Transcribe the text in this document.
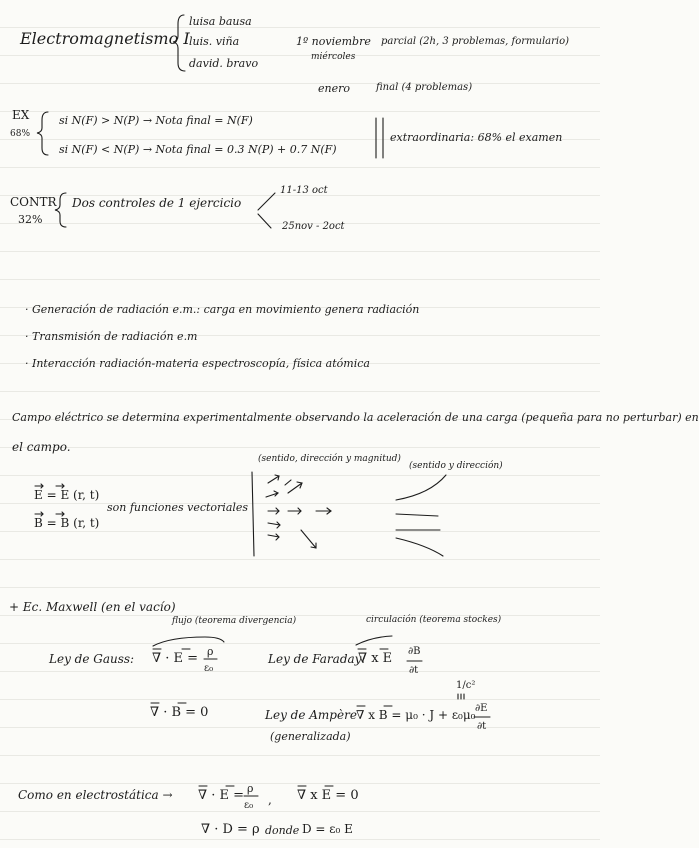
Electromagnetismo I
luisa bausa
luis. viña
david. bravo
1º noviembre
miércoles
parcial (2h, 3 problemas, formulario)
enero	final (4 problemas)
EX
68%
si N(F) > N(P) → Nota final = N(F)
si N(F) < N(P) → Nota final = 0.3 N(P) + 0.7 N(F)
extraordinaria: 68% el examen
CONTR
32%
Dos controles de 1 ejercicio
11-13 oct
25nov - 2oct
· Generación de radiación e.m.: carga en movimiento genera radiación
· Transmisión de radiación e.m
· Interacción radiación-materia espectroscopía, física atómica
Campo eléctrico se determina experimentalmente observando la aceleración de una carga (pequeña para no perturbar) en
el campo.
E = E (r, t)
B = B (r, t)
son funciones vectoriales
(sentido, dirección y magnitud)
(sentido y dirección)
+ Ec. Maxwell (en el vacío)
flujo (teorema divergencia)	circulación (teorema stockes)
Ley de Gauss: ∇ · E = ρ
ε₀
Ley de Faraday:
∇ x E ∂B
∂t
1/c²
∇ · B = 0	Ley de Ampère ∇ x B = μ₀ · J + ε₀μ₀ ∂E
∂t
(generalizada)
Como en electrostática → ∇ · E = ρ
ε₀ , ∇ x E = 0
∇ · D = ρ donde D = ε₀ E
